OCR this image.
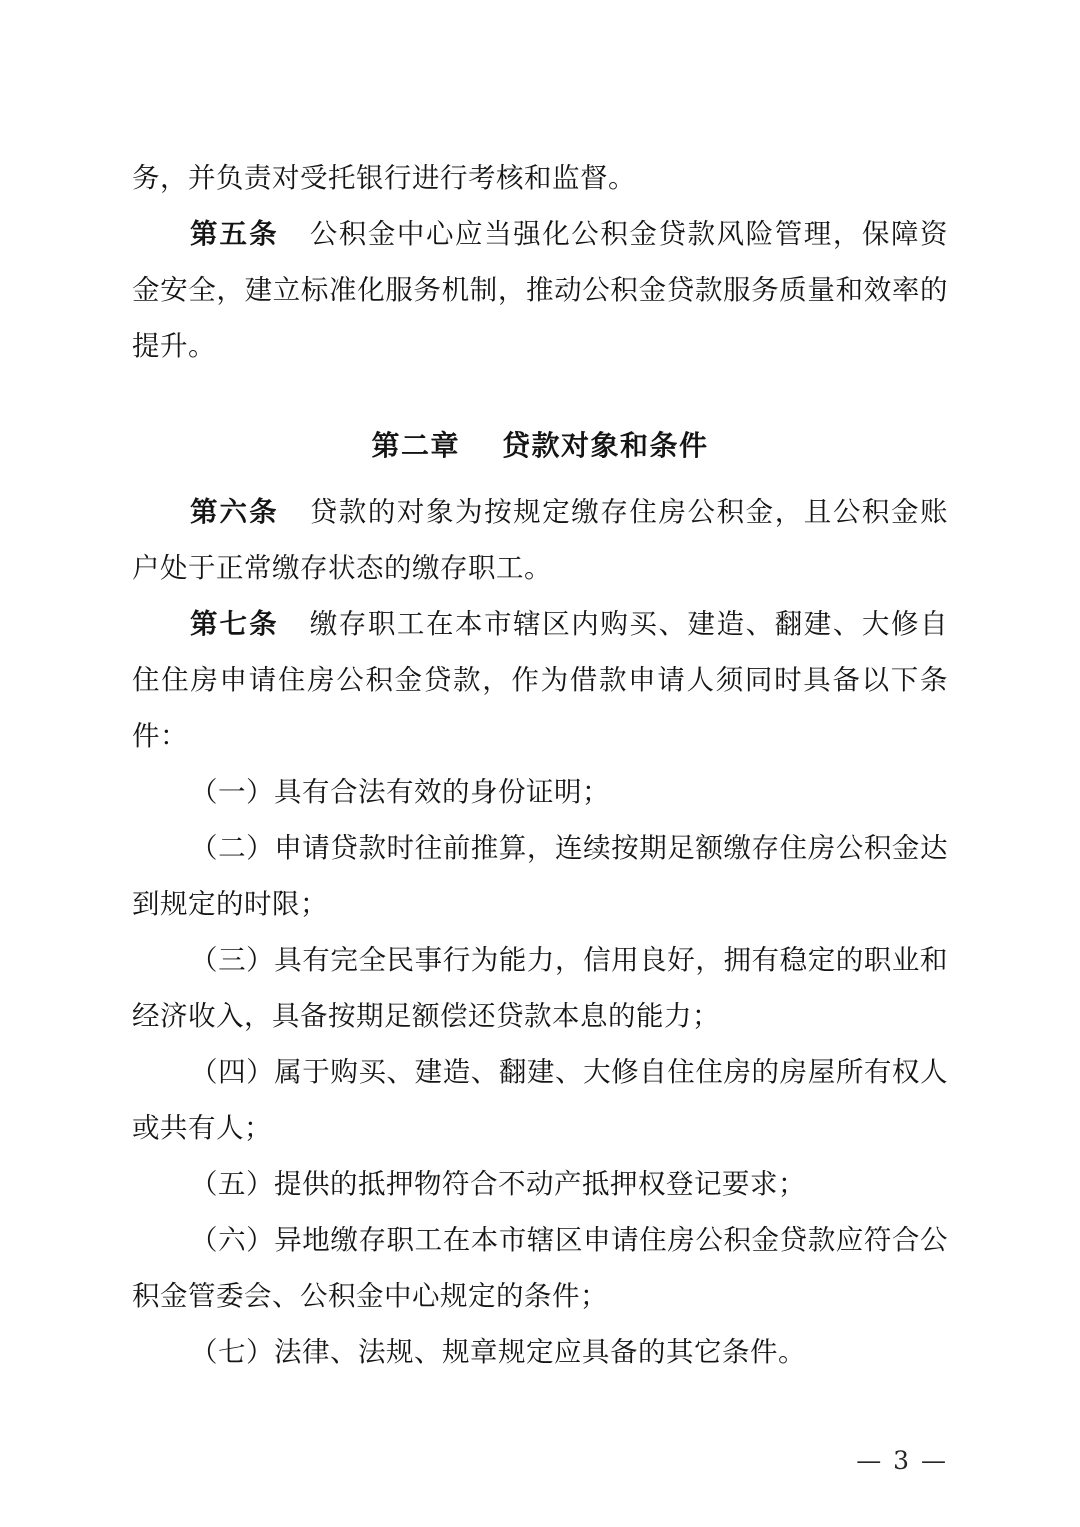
务，并负责对受托银行进行考核和监督。

第五条 公积金中心应当强化公积金贷款风险管理，保障资金安全，建立标准化服务机制，推动公积金贷款服务质量和效率的提升。

第二章 贷款对象和条件

第六条 贷款的对象为按规定缴存住房公积金，且公积金账户处于正常缴存状态的缴存职工。

第七条 缴存职工在本市辖区内购买、建造、翻建、大修自住住房申请住房公积金贷款，作为借款申请人须同时具备以下条件：

（一）具有合法有效的身份证明；

（二）申请贷款时往前推算，连续按期足额缴存住房公积金达到规定的时限；

（三）具有完全民事行为能力，信用良好，拥有稳定的职业和经济收入，具备按期足额偿还贷款本息的能力；

（四）属于购买、建造、翻建、大修自住住房的房屋所有权人或共有人；

（五）提供的抵押物符合不动产抵押权登记要求；

（六）异地缴存职工在本市辖区申请住房公积金贷款应符合公积金管委会、公积金中心规定的条件；

（七）法律、法规、规章规定应具备的其它条件。

— 3 —
